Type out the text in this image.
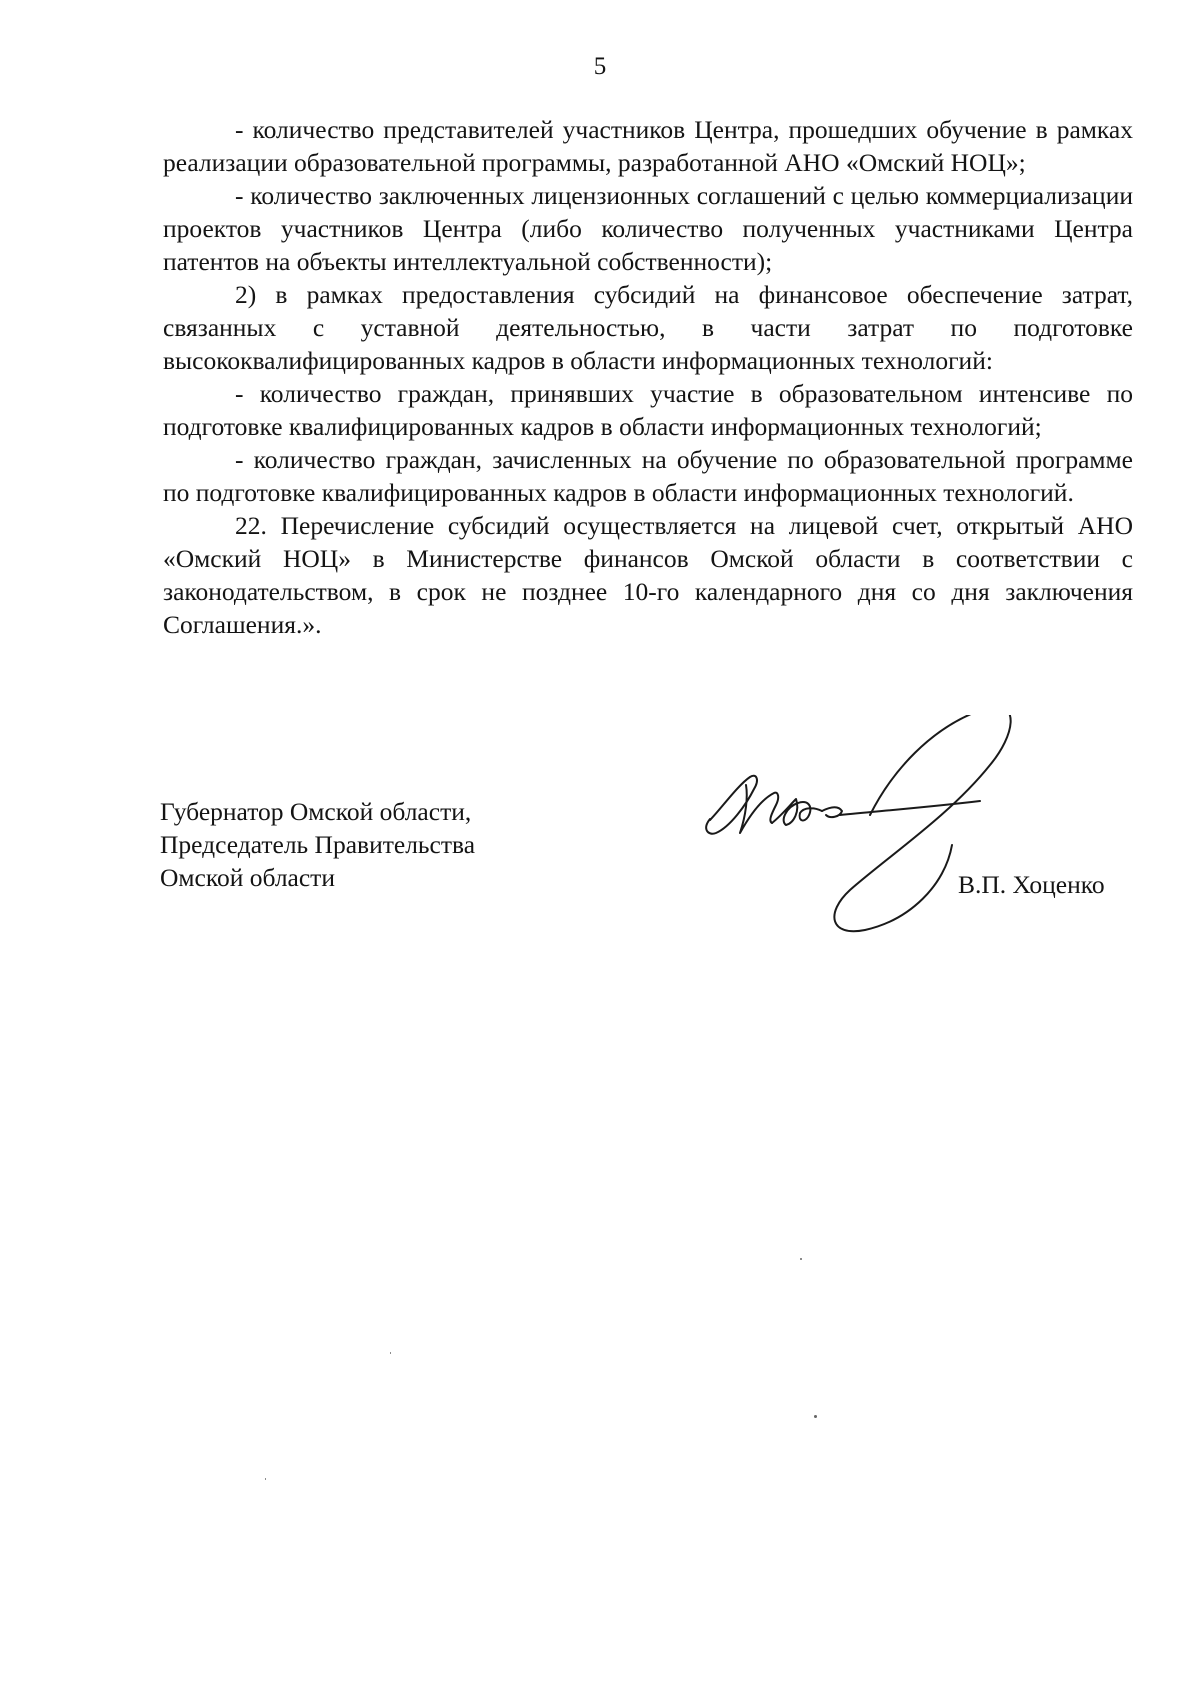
5

- количество представителей участников Центра, прошедших обучение в рамках реализации образовательной программы, разработанной АНО «Омский НОЦ»;

- количество заключенных лицензионных соглашений с целью коммерциализации проектов участников Центра (либо количество полученных участниками Центра патентов на объекты интеллектуальной собственности);

2) в рамках предоставления субсидий на финансовое обеспечение затрат, связанных с уставной деятельностью, в части затрат по подготовке высококвалифицированных кадров в области информационных технологий:

- количество граждан, принявших участие в образовательном интенсиве по подготовке квалифицированных кадров в области информационных технологий;

- количество граждан, зачисленных на обучение по образовательной программе по подготовке квалифицированных кадров в области информационных технологий.

22. Перечисление субсидий осуществляется на лицевой счет, открытый АНО «Омский НОЦ» в Министерстве финансов Омской области в соответствии с законодательством, в срок не позднее 10-го календарного дня со дня заключения Соглашения.».

Губернатор Омской области,
Председатель Правительства
Омской области	В.П. Хоценко
